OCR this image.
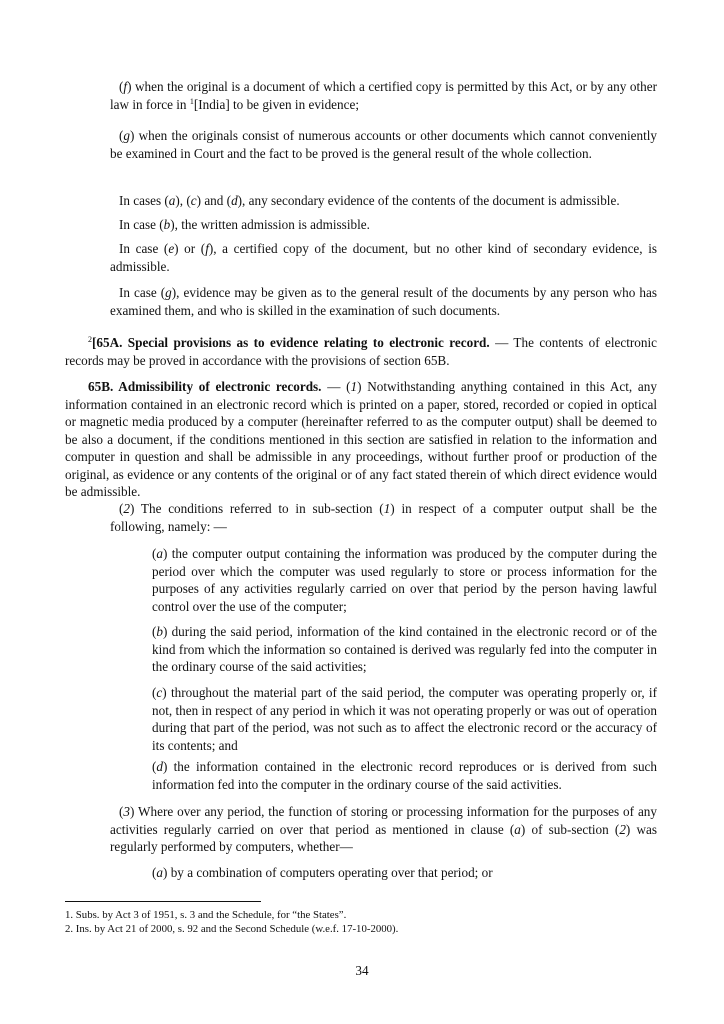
(f) when the original is a document of which a certified copy is permitted by this Act, or by any other law in force in $^1$[India] to be given in evidence;

(g) when the originals consist of numerous accounts or other documents which cannot conveniently be examined in Court and the fact to be proved is the general result of the whole collection.

In cases (a), (c) and (d), any secondary evidence of the contents of the document is admissible.

In case (b), the written admission is admissible.

In case (e) or (f), a certified copy of the document, but no other kind of secondary evidence, is admissible.

In case (g), evidence may be given as to the general result of the documents by any person who has examined them, and who is skilled in the examination of such documents.

$^2$[65A. Special provisions as to evidence relating to electronic record. — The contents of electronic records may be proved in accordance with the provisions of section 65B.

65B. Admissibility of electronic records. — (1) Notwithstanding anything contained in this Act, any information contained in an electronic record which is printed on a paper, stored, recorded or copied in optical or magnetic media produced by a computer (hereinafter referred to as the computer output) shall be deemed to be also a document, if the conditions mentioned in this section are satisfied in relation to the information and computer in question and shall be admissible in any proceedings, without further proof or production of the original, as evidence or any contents of the original or of any fact stated therein of which direct evidence would be admissible.

(2) The conditions referred to in sub-section (1) in respect of a computer output shall be the following, namely: —

(a) the computer output containing the information was produced by the computer during the period over which the computer was used regularly to store or process information for the purposes of any activities regularly carried on over that period by the person having lawful control over the use of the computer;

(b) during the said period, information of the kind contained in the electronic record or of the kind from which the information so contained is derived was regularly fed into the computer in the ordinary course of the said activities;

(c) throughout the material part of the said period, the computer was operating properly or, if not, then in respect of any period in which it was not operating properly or was out of operation during that part of the period, was not such as to affect the electronic record or the accuracy of its contents; and

(d) the information contained in the electronic record reproduces or is derived from such information fed into the computer in the ordinary course of the said activities.

(3) Where over any period, the function of storing or processing information for the purposes of any activities regularly carried on over that period as mentioned in clause (a) of sub-section (2) was regularly performed by computers, whether—

(a) by a combination of computers operating over that period; or

1. Subs. by Act 3 of 1951, s. 3 and the Schedule, for “the States”.
2. Ins. by Act 21 of 2000, s. 92 and the Second Schedule (w.e.f. 17-10-2000).
34
